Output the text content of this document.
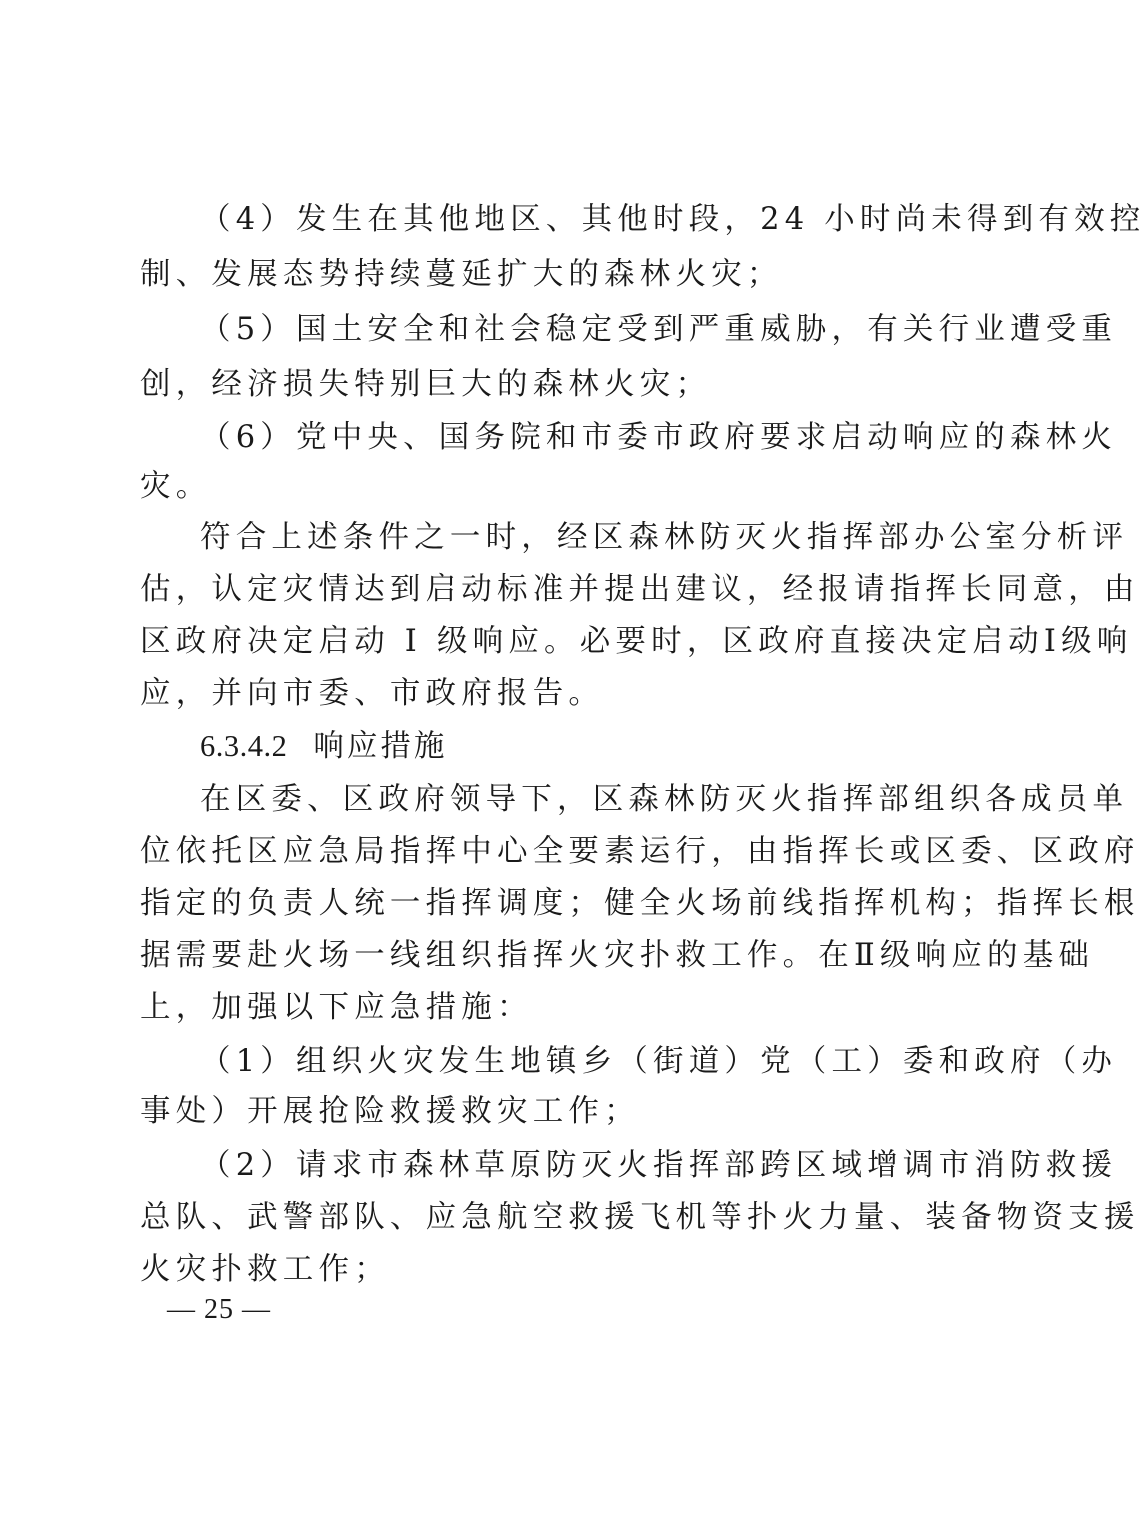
（4）发生在其他地区、其他时段，24 小时尚未得到有效控
制、发展态势持续蔓延扩大的森林火灾；
（5）国土安全和社会稳定受到严重威胁，有关行业遭受重
创，经济损失特别巨大的森林火灾；
（6）党中央、国务院和市委市政府要求启动响应的森林火
灾。
符合上述条件之一时，经区森林防灭火指挥部办公室分析评
估，认定灾情达到启动标准并提出建议，经报请指挥长同意，由
区政府决定启动 I 级响应。必要时，区政府直接决定启动Ⅰ级响
应，并向市委、市政府报告。
6.3.4.2 响应措施
在区委、区政府领导下，区森林防灭火指挥部组织各成员单
位依托区应急局指挥中心全要素运行，由指挥长或区委、区政府
指定的负责人统一指挥调度；健全火场前线指挥机构；指挥长根
据需要赴火场一线组织指挥火灾扑救工作。在Ⅱ级响应的基础
上，加强以下应急措施：
（1）组织火灾发生地镇乡（街道）党（工）委和政府（办
事处）开展抢险救援救灾工作；
（2）请求市森林草原防灭火指挥部跨区域增调市消防救援
总队、武警部队、应急航空救援飞机等扑火力量、装备物资支援
火灾扑救工作；
— 25 —
